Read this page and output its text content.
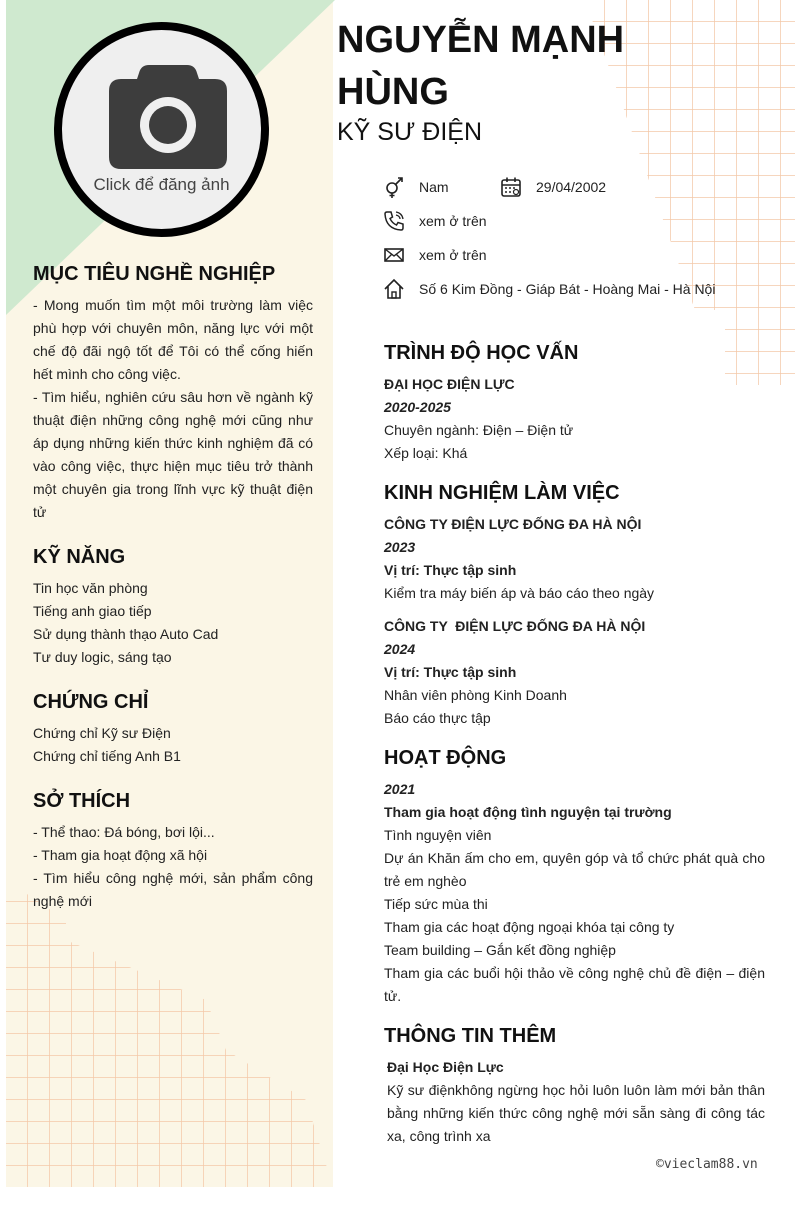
Click để đăng ảnh
NGUYỄN MẠNH HÙNG
KỸ SƯ ĐIỆN
Nam	29/04/2002
xem ở trên
xem ở trên
Số 6 Kim Đồng - Giáp Bát - Hoàng Mai - Hà Nội
MỤC TIÊU NGHỀ NGHIỆP

- Mong muốn tìm một môi trường làm việc phù hợp với chuyên môn, năng lực với một chế độ đãi ngộ tốt để Tôi có thể cống hiến hết mình cho công việc.

- Tìm hiểu, nghiên cứu sâu hơn về ngành kỹ thuật điện những công nghệ mới cũng như áp dụng những kiến thức kinh nghiệm đã có vào công việc, thực hiện mục tiêu trở thành một chuyên gia trong lĩnh vực kỹ thuật điện tử

KỸ NĂNG

Tin học văn phòng

Tiếng anh giao tiếp

Sử dụng thành thạo Auto Cad

Tư duy logic, sáng tạo

CHỨNG CHỈ

Chứng chỉ Kỹ sư Điện

Chứng chỉ tiếng Anh B1

SỞ THÍCH

- Thể thao: Đá bóng, bơi lội...

- Tham gia hoạt động xã hội

- Tìm hiểu công nghệ mới, sản phẩm công nghệ mới

TRÌNH ĐỘ HỌC VẤN

ĐẠI HỌC ĐIỆN LỰC

2020-2025

Chuyên ngành: Điện – Điện tử

Xếp loại: Khá

KINH NGHIỆM LÀM VIỆC

CÔNG TY ĐIỆN LỰC ĐỐNG ĐA HÀ NỘI

2023

Vị trí: Thực tập sinh

Kiểm tra máy biến áp và báo cáo theo ngày

CÔNG TY  ĐIỆN LỰC ĐỐNG ĐA HÀ NỘI

2024

Vị trí: Thực tập sinh

Nhân viên phòng Kinh Doanh

Báo cáo thực tập

HOẠT ĐỘNG

2021

Tham gia hoạt động tình nguyện tại trường

Tình nguyện viên

Dự án Khăn ấm cho em, quyên góp và tổ chức phát quà cho trẻ em nghèo

Tiếp sức mùa thi

Tham gia các hoạt động ngoại khóa tại công ty

Team building – Gắn kết đồng nghiệp

Tham gia các buổi hội thảo về công nghệ chủ đề điện – điện tử.

THÔNG TIN THÊM

Đại Học Điện Lực

Kỹ sư điệnkhông ngừng học hỏi luôn luôn làm mới bản thân bằng những kiến thức công nghệ mới sẵn sàng đi công tác xa, công trình xa

©vieclam88.vn
